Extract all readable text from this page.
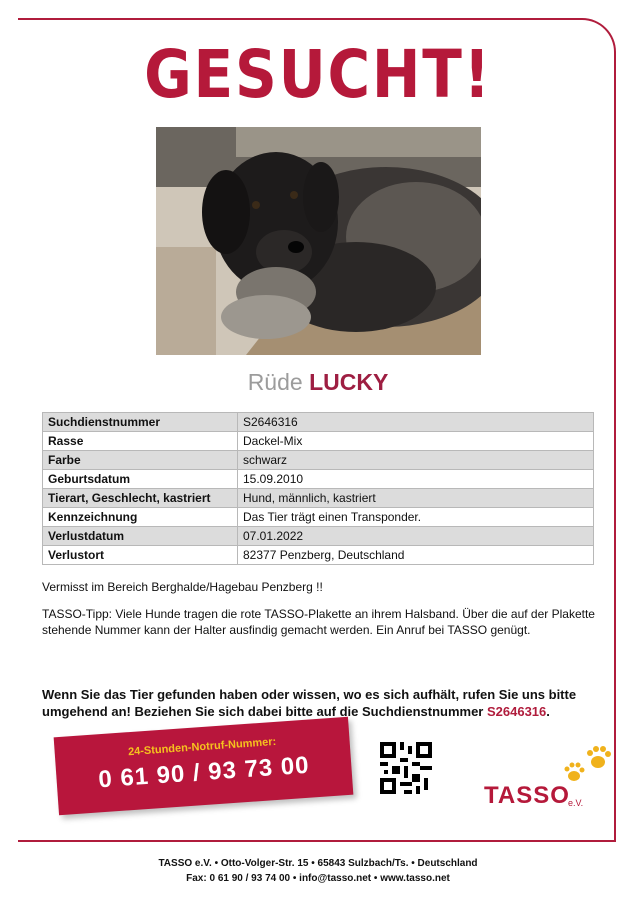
GESUCHT!
Rüde LUCKY
Suchdienstnummer	S2646316
Rasse	Dackel-Mix
Farbe	schwarz
Geburtsdatum	15.09.2010
Tierart, Geschlecht, kastriert	Hund, männlich, kastriert
Kennzeichnung	Das Tier trägt einen Transponder.
Verlustdatum	07.01.2022
Verlustort	82377 Penzberg, Deutschland
Vermisst im Bereich Berghalde/Hagebau Penzberg !!
TASSO-Tipp: Viele Hunde tragen die rote TASSO-Plakette an ihrem Halsband. Über die auf der Plakette stehende Nummer kann der Halter ausfindig gemacht werden. Ein Anruf bei TASSO genügt.
Wenn Sie das Tier gefunden haben oder wissen, wo es sich aufhält, rufen Sie uns bitte umgehend an! Beziehen Sie sich dabei bitte auf die Suchdienstnummer S2646316.
24-Stunden-Notruf-Nummer:
0 61 90 / 93 73 00
TASSO
e.V.
TASSO e.V. • Otto-Volger-Str. 15 • 65843 Sulzbach/Ts. • Deutschland
Fax: 0 61 90 / 93 74 00 • info@tasso.net • www.tasso.net
